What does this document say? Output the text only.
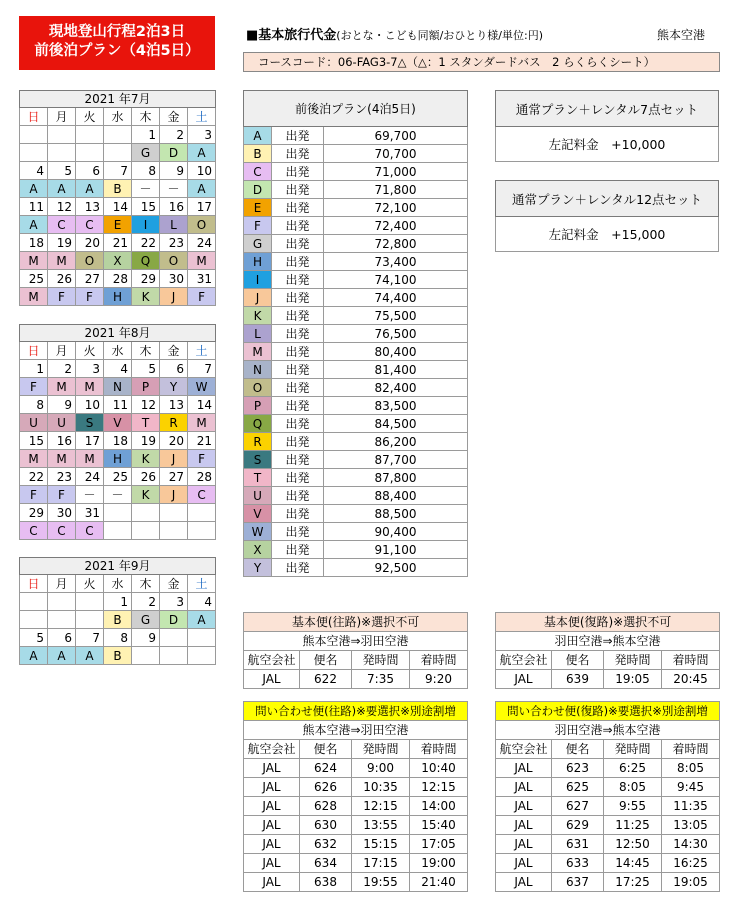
現地登山行程2泊3日
前後泊プラン（4泊5日）
■基本旅行代金(おとな・こども同額/おひとり様/単位:円)	熊本空港
コースコード：06-FAG3-7△（△：1 スタンダードバス　2 らくらくシート）
2021 年7月						
日	月	火	水	木	金	土
				1	2	3
				G	D	A
4	5	6	7	8	9	10
A	A	A	B	－	－	A
11	12	13	14	15	16	17
A	C	C	E	I	L	O
18	19	20	21	22	23	24
M	M	O	X	Q	O	M
25	26	27	28	29	30	31
M	F	F	H	K	J	F
2021 年8月						
日	月	火	水	木	金	土
1	2	3	4	5	6	7
F	M	M	N	P	Y	W
8	9	10	11	12	13	14
U	U	S	V	T	R	M
15	16	17	18	19	20	21
M	M	M	H	K	J	F
22	23	24	25	26	27	28
F	F	－	－	K	J	C
29	30	31				
C	C	C				
2021 年9月						
日	月	火	水	木	金	土
			1	2	3	4
			B	G	D	A
5	6	7	8	9		
A	A	A	B			
前後泊プラン(4泊5日)		
A	出発	69,700
B	出発	70,700
C	出発	71,000
D	出発	71,800
E	出発	72,100
F	出発	72,400
G	出発	72,800
H	出発	73,400
I	出発	74,100
J	出発	74,400
K	出発	75,500
L	出発	76,500
M	出発	80,400
N	出発	81,400
O	出発	82,400
P	出発	83,500
Q	出発	84,500
R	出発	86,200
S	出発	87,700
T	出発	87,800
U	出発	88,400
V	出発	88,500
W	出発	90,400
X	出発	91,100
Y	出発	92,500
通常プラン＋レンタル7点セット
左記料金　+10,000
通常プラン＋レンタル12点セット
左記料金　+15,000
基本便(往路)※選択不可			
熊本空港⇒羽田空港			
航空会社	便名	発時間	着時間
JAL	622	7:35	9:20
基本便(復路)※選択不可			
羽田空港⇒熊本空港			
航空会社	便名	発時間	着時間
JAL	639	19:05	20:45
問い合わせ便(往路)※要選択※別途割増			
熊本空港⇒羽田空港			
航空会社	便名	発時間	着時間
JAL	624	9:00	10:40
JAL	626	10:35	12:15
JAL	628	12:15	14:00
JAL	630	13:55	15:40
JAL	632	15:15	17:05
JAL	634	17:15	19:00
JAL	638	19:55	21:40
問い合わせ便(復路)※要選択※別途割増			
羽田空港⇒熊本空港			
航空会社	便名	発時間	着時間
JAL	623	6:25	8:05
JAL	625	8:05	9:45
JAL	627	9:55	11:35
JAL	629	11:25	13:05
JAL	631	12:50	14:30
JAL	633	14:45	16:25
JAL	637	17:25	19:05
